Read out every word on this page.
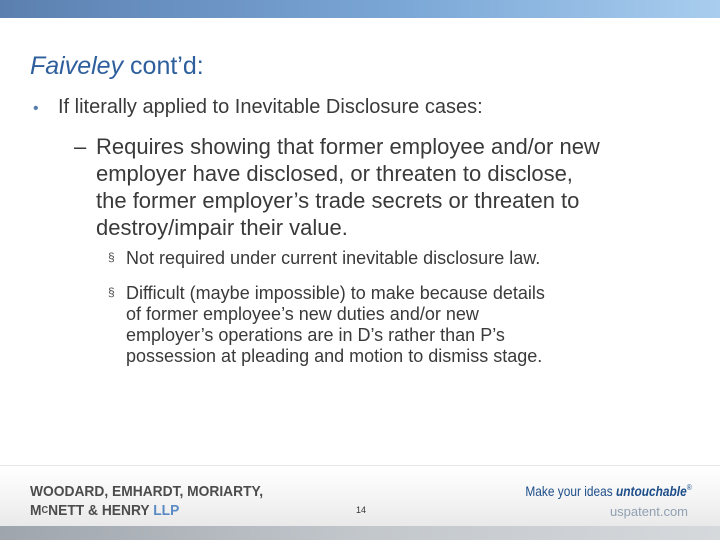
Faiveley cont’d:
• If literally applied to Inevitable Disclosure cases:
– Requires showing that former employee and/or new
employer have disclosed, or threaten to disclose,
the former employer’s trade secrets or threaten to
destroy/impair their value.
§ Not required under current inevitable disclosure law.
§ Difficult (maybe impossible) to make because details
of former employee’s new duties and/or new
employer’s operations are in D’s rather than P’s
possession at pleading and motion to dismiss stage.
WOODARD, EMHARDT, MORIARTY,
$M^CNETT$ & HENRY LLP	14
Make your ideas untouchable®
uspatent.com
